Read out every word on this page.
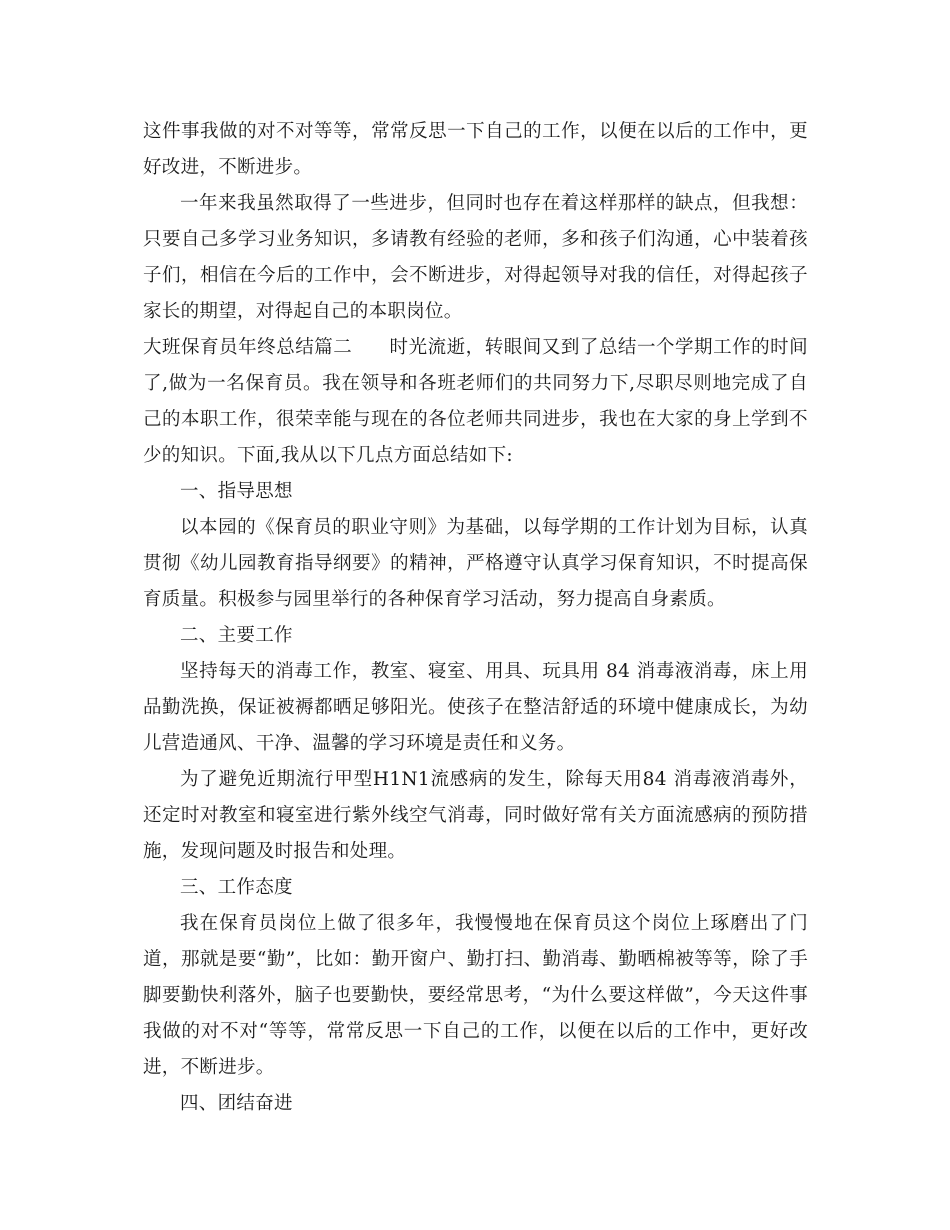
这件事我做的对不对等等，常常反思一下自己的工作，以便在以后的工作中，更好改进，不断进步。

一年来我虽然取得了一些进步，但同时也存在着这样那样的缺点，但我想：只要自己多学习业务知识，多请教有经验的老师，多和孩子们沟通，心中装着孩子们，相信在今后的工作中，会不断进步，对得起领导对我的信任，对得起孩子家长的期望，对得起自己的本职岗位。

大班保育员年终总结篇二 时光流逝，转眼间又到了总结一个学期工作的时间了,做为一名保育员。我在领导和各班老师们的共同努力下,尽职尽则地完成了自己的本职工作，很荣幸能与现在的各位老师共同进步，我也在大家的身上学到不少的知识。下面,我从以下几点方面总结如下:

一、指导思想

以本园的《保育员的职业守则》为基础，以每学期的工作计划为目标，认真贯彻《幼儿园教育指导纲要》的精神，严格遵守认真学习保育知识，不时提高保育质量。积极参与园里举行的各种保育学习活动，努力提高自身素质。

二、主要工作

坚持每天的消毒工作，教室、寝室、用具、玩具用 84 消毒液消毒，床上用品勤洗换，保证被褥都晒足够阳光。使孩子在整洁舒适的环境中健康成长，为幼儿营造通风、干净、温馨的学习环境是责任和义务。

为了避免近期流行甲型H1N1流感病的发生，除每天用84 消毒液消毒外，还定时对教室和寝室进行紫外线空气消毒，同时做好常有关方面流感病的预防措施，发现问题及时报告和处理。

三、工作态度

我在保育员岗位上做了很多年，我慢慢地在保育员这个岗位上琢磨出了门道，那就是要“勤”，比如：勤开窗户、勤打扫、勤消毒、勤晒棉被等等，除了手脚要勤快利落外，脑子也要勤快，要经常思考，“为什么要这样做”，今天这件事我做的对不对“等等，常常反思一下自己的工作，以便在以后的工作中，更好改进，不断进步。

四、团结奋进
